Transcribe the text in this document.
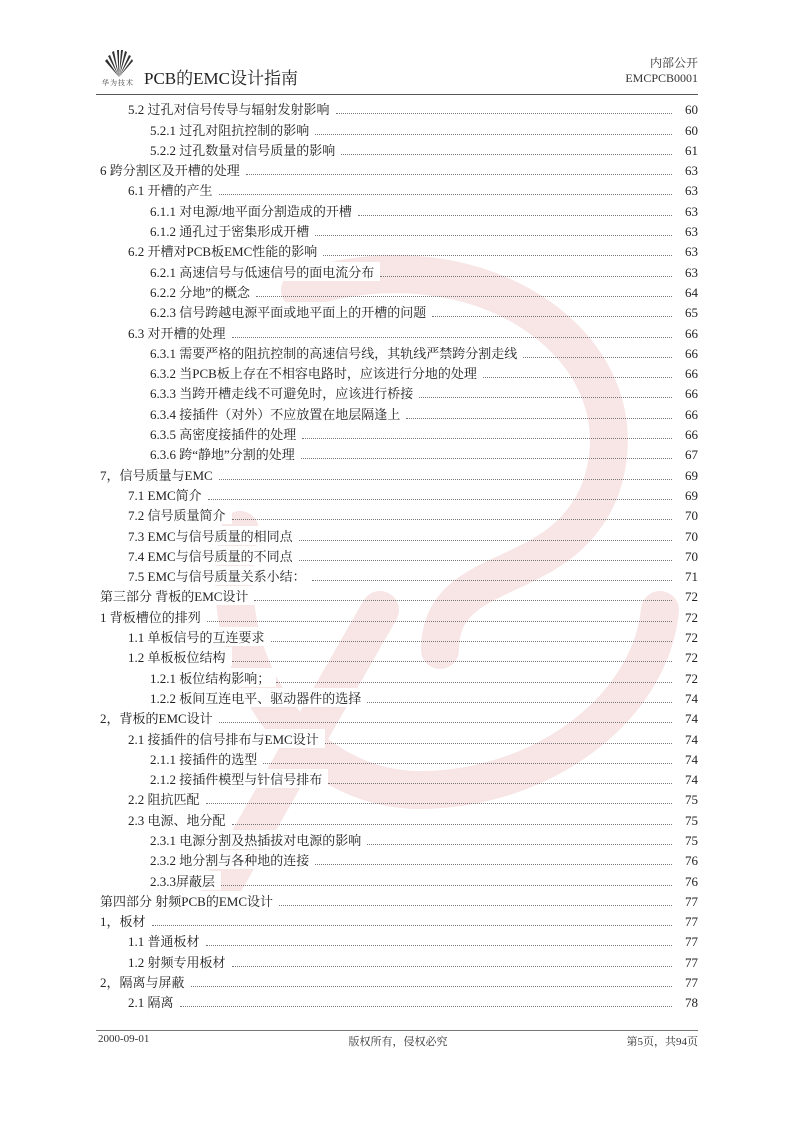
华为技术 PCB的EMC设计指南
内部公开
EMCPCB0001
5.2 过孔对信号传导与辐射发射影响	60
5.2.1 过孔对阻抗控制的影响	60
5.2.2 过孔数量对信号质量的影响	61
6 跨分割区及开槽的处理	63
6.1 开槽的产生	63
6.1.1 对电源/地平面分割造成的开槽	63
6.1.2 通孔过于密集形成开槽	63
6.2 开槽对PCB板EMC性能的影响	63
6.2.1 高速信号与低速信号的面电流分布	63
6.2.2 分地”的概念	64
6.2.3 信号跨越电源平面或地平面上的开槽的问题	65
6.3 对开槽的处理	66
6.3.1 需要严格的阻抗控制的高速信号线，其轨线严禁跨分割走线	66
6.3.2 当PCB板上存在不相容电路时，应该进行分地的处理	66
6.3.3 当跨开槽走线不可避免时，应该进行桥接	66
6.3.4 接插件（对外）不应放置在地层隔逢上	66
6.3.5 高密度接插件的处理	66
6.3.6 跨“静地”分割的处理	67
7，信号质量与EMC	69
7.1 EMC简介	69
7.2 信号质量简介	70
7.3 EMC与信号质量的相同点	70
7.4 EMC与信号质量的不同点	70
7.5 EMC与信号质量关系小结：	71
第三部分 背板的EMC设计	72
1 背板槽位的排列	72
1.1 单板信号的互连要求	72
1.2 单板板位结构	72
1.2.1 板位结构影响；	72
1.2.2 板间互连电平、驱动器件的选择	74
2，背板的EMC设计	74
2.1 接插件的信号排布与EMC设计	74
2.1.1 接插件的选型	74
2.1.2 接插件模型与针信号排布	74
2.2 阻抗匹配	75
2.3 电源、地分配	75
2.3.1 电源分割及热插拔对电源的影响	75
2.3.2 地分割与各种地的连接	76
2.3.3屏蔽层	76
第四部分 射频PCB的EMC设计	77
1，板材	77
1.1 普通板材	77
1.2 射频专用板材	77
2，隔离与屏蔽	77
2.1 隔离	78
2000-09-01	版权所有，侵权必究	第5页，共94页
